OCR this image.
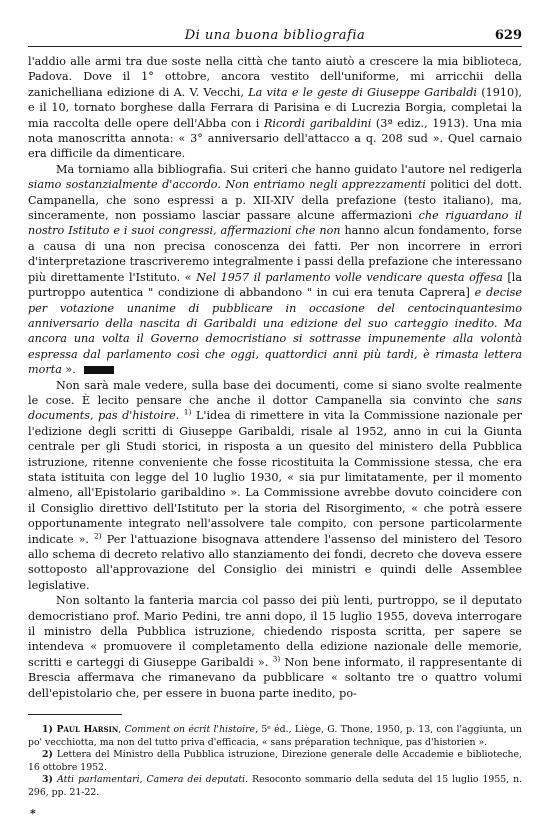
Di una buona bibliografia	629

l'addio alle armi tra due soste nella città che tanto aiutò a crescere la mia biblioteca, Padova. Dove il 1° ottobre, ancora vestito dell'uniforme, mi arricchii della zanichelliana edizione di A. V. Vecchi, La vita e le geste di Giuseppe Garibaldi (1910), e il 10, tornato borghese dalla Ferrara di Parisina e di Lucrezia Borgia, completai la mia raccolta delle opere dell'Abba con i Ricordi garibaldini (3ª ediz., 1913). Una mia nota manoscritta annota: « 3° anniversario dell'attacco a q. 208 sud ». Quel carnaio era difficile da dimenticare.

Ma torniamo alla bibliografia. Sui criteri che hanno guidato l'autore nel redigerla siamo sostanzialmente d'accordo. Non entriamo negli apprezzamenti politici del dott. Campanella, che sono espressi a p. XII-XIV della prefazione (testo italiano), ma, sinceramente, non possiamo lasciar passare alcune affermazioni che riguardano il nostro Istituto e i suoi congressi, affermazioni che non hanno alcun fondamento, forse a causa di una non precisa conoscenza dei fatti. Per non incorrere in errori d'interpretazione trascriveremo integralmente i passi della prefazione che interessano più direttamente l'Istituto. « Nel 1957 il parlamento volle vendicare questa offesa [la purtroppo autentica " condizione di abbandono " in cui era tenuta Caprera] e decise per votazione unanime di pubblicare in occasione del centocinquantesimo anniversario della nascita di Garibaldi una edizione del suo carteggio inedito. Ma ancora una volta il Governo democristiano si sottrasse impunemente alla volontà espressa dal parlamento così che oggi, quattordici anni più tardi, è rimasta lettera morta ».

Non sarà male vedere, sulla base dei documenti, come si siano svolte realmente le cose. È lecito pensare che anche il dottor Campanella sia convinto che sans documents, pas d'histoire. $^{1)}$ L'idea di rimettere in vita la Commissione nazionale per l'edizione degli scritti di Giuseppe Garibaldi, risale al 1952, anno in cui la Giunta centrale per gli Studi storici, in risposta a un quesito del ministero della Pubblica istruzione, ritenne conveniente che fosse ricostituita la Commissione stessa, che era stata istituita con legge del 10 luglio 1930, « sia pur limitatamente, per il momento almeno, all'Epistolario garibaldino ». La Commissione avrebbe dovuto coincidere con il Consiglio direttivo dell'Istituto per la storia del Risorgimento, « che potrà essere opportunamente integrato nell'assolvere tale compito, con persone particolarmente indicate ». $^{2)}$ Per l'attuazione bisognava attendere l'assenso del ministero del Tesoro allo schema di decreto relativo allo stanziamento dei fondi, decreto che doveva essere sottoposto all'approvazione del Consiglio dei ministri e quindi delle Assemblee legislative.

Non soltanto la fanteria marcia col passo dei più lenti, purtroppo, se il deputato democristiano prof. Mario Pedini, tre anni dopo, il 15 luglio 1955, doveva interrogare il ministro della Pubblica istruzione, chiedendo risposta scritta, per sapere se intendeva « promuovere il completamento della edizione nazionale delle memorie, scritti e carteggi di Giuseppe Garibaldi ». $^{3)}$ Non bene informato, il rappresentante di Brescia affermava che rimanevano da pubblicare « soltanto tre o quattro volumi dell'epistolario che, per essere in buona parte inedito, po-

1) Paul Harsin, Comment on écrit l'histoire, 5ᵉ éd., Liège, G. Thone, 1950, p. 13, con l'aggiunta, un po' vecchiotta, ma non del tutto priva d'efficacia, « sans préparation technique, pas d'historien ».

2) Lettera del Ministro della Pubblica istruzione, Direzione generale delle Accademie e biblioteche, 16 ottobre 1952.

3) Atti parlamentari, Camera dei deputati. Resoconto sommario della seduta del 15 luglio 1955, n. 296, pp. 21-22.

*
